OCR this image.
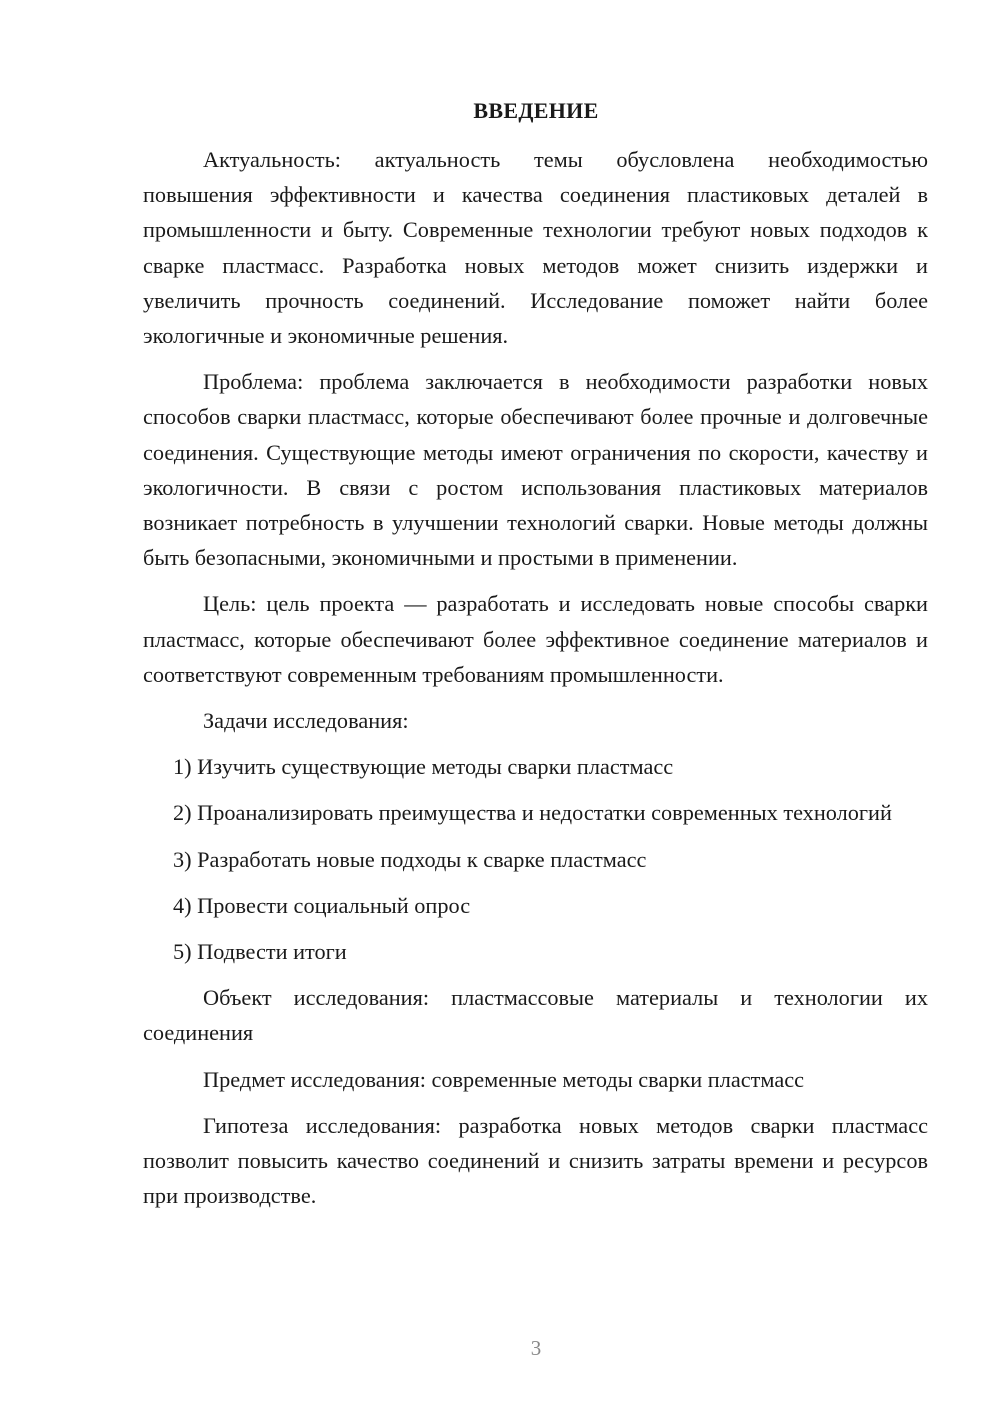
ВВЕДЕНИЕ

Актуальность: актуальность темы обусловлена необходимостью повышения эффективности и качества соединения пластиковых деталей в промышленности и быту. Современные технологии требуют новых подходов к сварке пластмасс. Разработка новых методов может снизить издержки и увеличить прочность соединений. Исследование поможет найти более экологичные и экономичные решения.

Проблема: проблема заключается в необходимости разработки новых способов сварки пластмасс, которые обеспечивают более прочные и долговечные соединения. Существующие методы имеют ограничения по скорости, качеству и экологичности. В связи с ростом использования пластиковых материалов возникает потребность в улучшении технологий сварки. Новые методы должны быть безопасными, экономичными и простыми в применении.

Цель: цель проекта — разработать и исследовать новые способы сварки пластмасс, которые обеспечивают более эффективное соединение материалов и соответствуют современным требованиям промышленности.

Задачи исследования:

1) Изучить существующие методы сварки пластмасс

2) Проанализировать преимущества и недостатки современных технологий

3) Разработать новые подходы к сварке пластмасс

4) Провести социальный опрос

5) Подвести итоги

Объект исследования: пластмассовые материалы и технологии их соединения

Предмет исследования: современные методы сварки пластмасс

Гипотеза исследования: разработка новых методов сварки пластмасс позволит повысить качество соединений и снизить затраты времени и ресурсов при производстве.

3
